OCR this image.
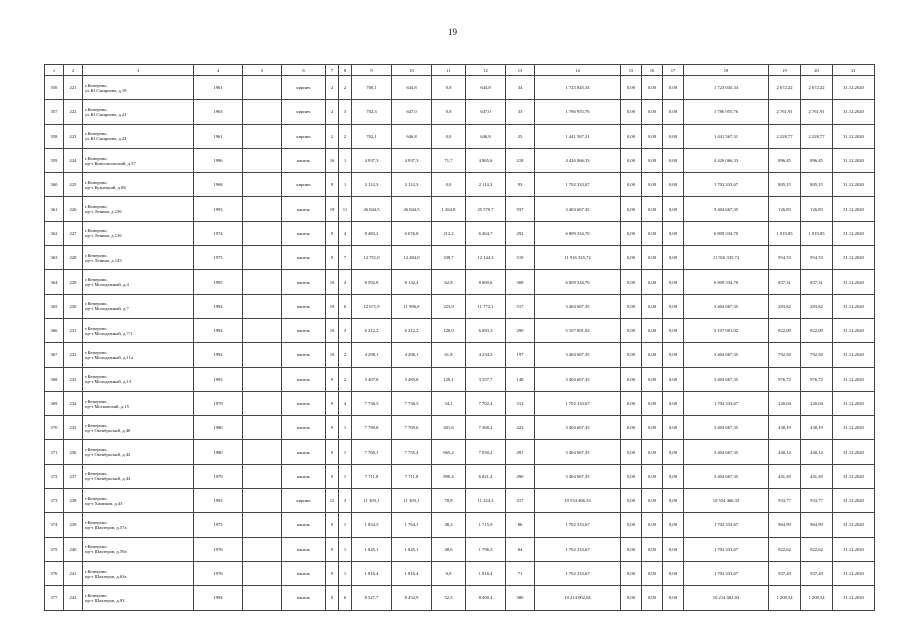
19
1	2	3	4	5	6	7	8	9	10	11	12	13	14	15	16	17	18	19	20	21
356	221	г.Кемерово,
ул.Ю.Смирнова, д.19	1961		кирпич	2	2	700,1	644,8	0,0	644,8	34	1 723 045,34	0,00	0,00	0,00	1 723 045,34	2 672,22	2 672,22	31.12.2020
357	222	г.Кемерово,
ул.Ю.Смирнова, д.21	1963		кирпич	2	3	702,3	647,0	0,0	647,0	33	1 786 955,76	0,00	0,00	0,00	1 786 955,76	2 761,91	2 761,91	31.12.2020
358	223	г.Кемерово,
ул.Ю.Смирнова, д.23	1961		кирпич	2	2	702,1	646,8	0,0	646,8	25	1 441 567,31	0,00	0,00	0,00	1 441 567,31	2 228,77	2 228,77	31.12.2020
359	224	г.Кемерово,
пр-т Комсомольский, д.57	1996		панель	16	1	4 937,3	4 937,3	71,7	4 865,6	218	4 426 066,33	0,00	0,00	0,00	4 426 066,33	896,45	896,45	31.12.2020
360	225	г.Кемерово,
пр-т Кузнецкий, д.86	1968		кирпич	9	1	2 114,3	2 114,3	0,0	2 114,3	93	1 702 333,67	0,00	0,00	0,00	1 702 333,67	805,15	805,15	31.12.2020
361	226	г.Кемерово,
пр-т Ленина, д.156	1993		панель	19	11	26 844,5	26 844,5	1 264,8	25 579,7	937	3 404 667,35	0,00	0,00	0,00	3 404 667,35	126,83	126,83	31.12.2020
362	227	г.Кемерово,
пр-т Ленина, д.136	1974		панель	9	4	8 483,2	6 676,8	212,2	6 464,7	292	6 809 334,70	0,00	0,00	0,00	6 809 334,70	1 019,85	1 019,85	31.12.2020
363	228	г.Кемерово,
пр-т Ленина, д.143	1975		панель	9	7	12 751,0	12 484,0	339,7	12 144,3	519	11 916 335,72	0,00	0,00	0,00	11 916 335,72	954,53	954,53	31.12.2020
364	229	г.Кемерово,
пр-т Молодежный, д.4	1995		панель	10	4	8 592,8	8 132,4	62,8	8 069,6	308	6 809 334,70	0,00	0,00	0,00	6 809 334,70	837,31	837,31	31.12.2020
365	230	г.Кемерово,
пр-т Молодежный, д.7	1994		панель	19	6	12 671,9	11 996,0	223,9	11 772,1	517	3 404 667,35	0,00	0,00	0,00	3 404 667,35	283,82	283,82	31.12.2020
366	231	г.Кемерово,
пр-т Молодежный, д.7/1	1994		панель	10	3	6 212,2	6 212,2	128,9	6 083,3	290	5 107 001,02	0,00	0,00	0,00	5 107 001,02	822,09	822,09	31.12.2020
367	232	г.Кемерово,
пр-т Молодежный, д.11а	1992		панель	10	2	4 298,1	4 296,1	61,8	4 234,3	197	3 404 667,35	0,00	0,00	0,00	3 404 667,35	792,50	792,50	31.12.2020
368	233	г.Кемерово,
пр-т Молодежный, д.13	1993		панель	9	2	3 487,8	3 485,8	128,1	3 357,7	148	3 404 667,35	0,00	0,00	0,00	3 404 667,35	976,72	976,72	31.12.2020
369	234	г.Кемерово,
пр-т Московский, д.15	1979		панель	9	4	7 736,5	7 736,5	34,1	7 702,4	313	1 702 333,67	0,00	0,00	0,00	1 702 333,67	220,04	220,04	31.12.2020
370	235	г.Кемерово,
пр-т Октябрьский, д.40	1980		панель	9	1	7 780,8	7 769,6	401,6	7 368,2	423	3 404 667,35	0,00	0,00	0,00	3 404 667,35	438,19	438,19	31.12.2020
371	236	г.Кемерово,
пр-т Октябрьский, д.42	1980		панель	9	1	7 760,1	7 755,4	665,2	7 030,2	491	3 404 667,35	0,00	0,00	0,00	3 404 667,35	440,14	440,14	31.12.2020
372	237	г.Кемерово,
пр-т Октябрьский, д.44	1979		панель	9	1	7 711,8	7 711,8	890,4	6 821,4	490	3 404 667,35	0,00	0,00	0,00	3 404 667,35	441,49	441,49	31.12.2020
373	238	г.Кемерово,
пр-т Химиков, д.43	1993		кирпич	12	3	11 303,1	11 303,1	78,8	11 224,3	417	10 554 466,33	0,00	0,00	0,00	10 554 466,33	933,77	933,77	31.12.2020
374	239	г.Кемерово,
пр-т Шахтеров, д.57а	1975		панель	9	1	1 834,5	1 764,1	48,2	1 715,9	86	1 702 333,67	0,00	0,00	0,00	1 702 333,67	964,99	964,99	31.12.2020
375	240	г.Кемерово,
пр-т Шахтеров, д.59а	1976		панель	9	1	1 845,1	1 845,1	48,6	1 796,5	84	1 702 333,67	0,00	0,00	0,00	1 702 333,67	922,62	922,62	31.12.2020
376	241	г.Кемерово,
пр-т Шахтеров, д.63а	1976		панель	9	1	1 816,4	1 816,4	0,0	1 816,4	71	1 702 333,67	0,00	0,00	0,00	1 702 333,67	937,20	937,20	31.12.2020
377	242	г.Кемерово,
пр-т Шахтеров, д.93	1994		панель	8	6	8 527,7	8 452,9	52,5	8 400,4	380	10 214 002,04	0,00	0,00	0,00	10 214 002,04	1 208,34	1 208,34	31.12.2020
